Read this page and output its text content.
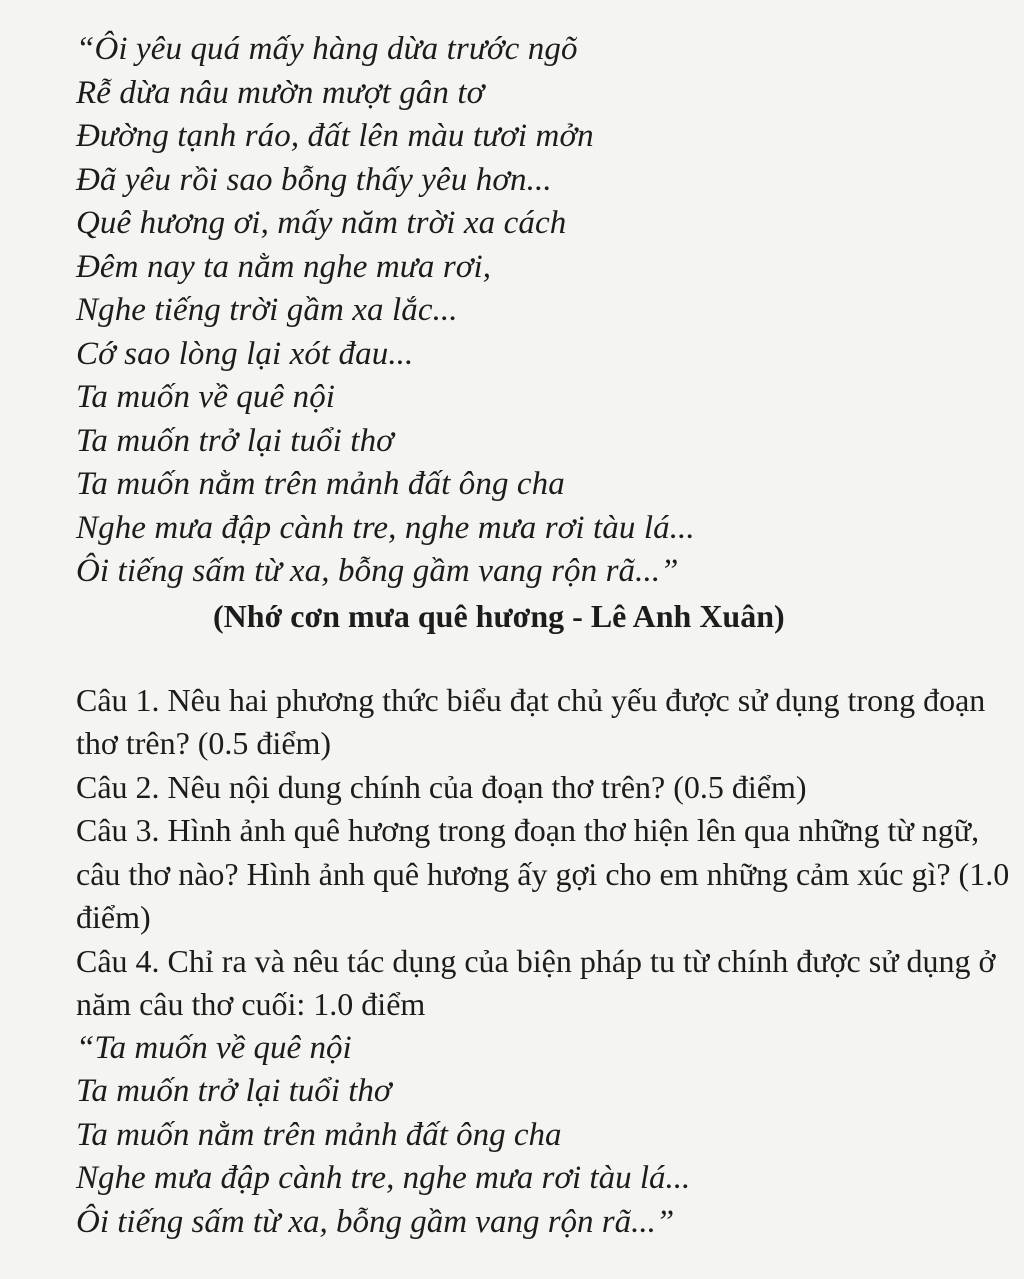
“Ôi yêu quá mấy hàng dừa trước ngõ
Rễ dừa nâu mườn mượt gân tơ
Đường tạnh ráo, đất lên màu tươi mởn
Đã yêu rồi sao bỗng thấy yêu hơn...
Quê hương ơi, mấy năm trời xa cách
Đêm nay ta nằm nghe mưa rơi,
Nghe tiếng trời gầm xa lắc...
Cớ sao lòng lại xót đau...
Ta muốn về quê nội
Ta muốn trở lại tuổi thơ
Ta muốn nằm trên mảnh đất ông cha
Nghe mưa đập cành tre, nghe mưa rơi tàu lá...
Ôi tiếng sấm từ xa, bỗng gầm vang rộn rã...”
(Nhớ cơn mưa quê hương - Lê Anh Xuân)
Câu 1. Nêu hai phương thức biểu đạt chủ yếu được sử dụng trong đoạn thơ trên? (0.5 điểm)
Câu 2. Nêu nội dung chính của đoạn thơ trên? (0.5 điểm)
Câu 3. Hình ảnh quê hương trong đoạn thơ hiện lên qua những từ ngữ, câu thơ nào? Hình ảnh quê hương ấy gợi cho em những cảm xúc gì? (1.0 điểm)
Câu 4. Chỉ ra và nêu tác dụng của biện pháp tu từ chính được sử dụng ở năm câu thơ cuối: 1.0 điểm
“Ta muốn về quê nội
Ta muốn trở lại tuổi thơ
Ta muốn nằm trên mảnh đất ông cha
Nghe mưa đập cành tre, nghe mưa rơi tàu lá...
Ôi tiếng sấm từ xa, bỗng gầm vang rộn rã...”
